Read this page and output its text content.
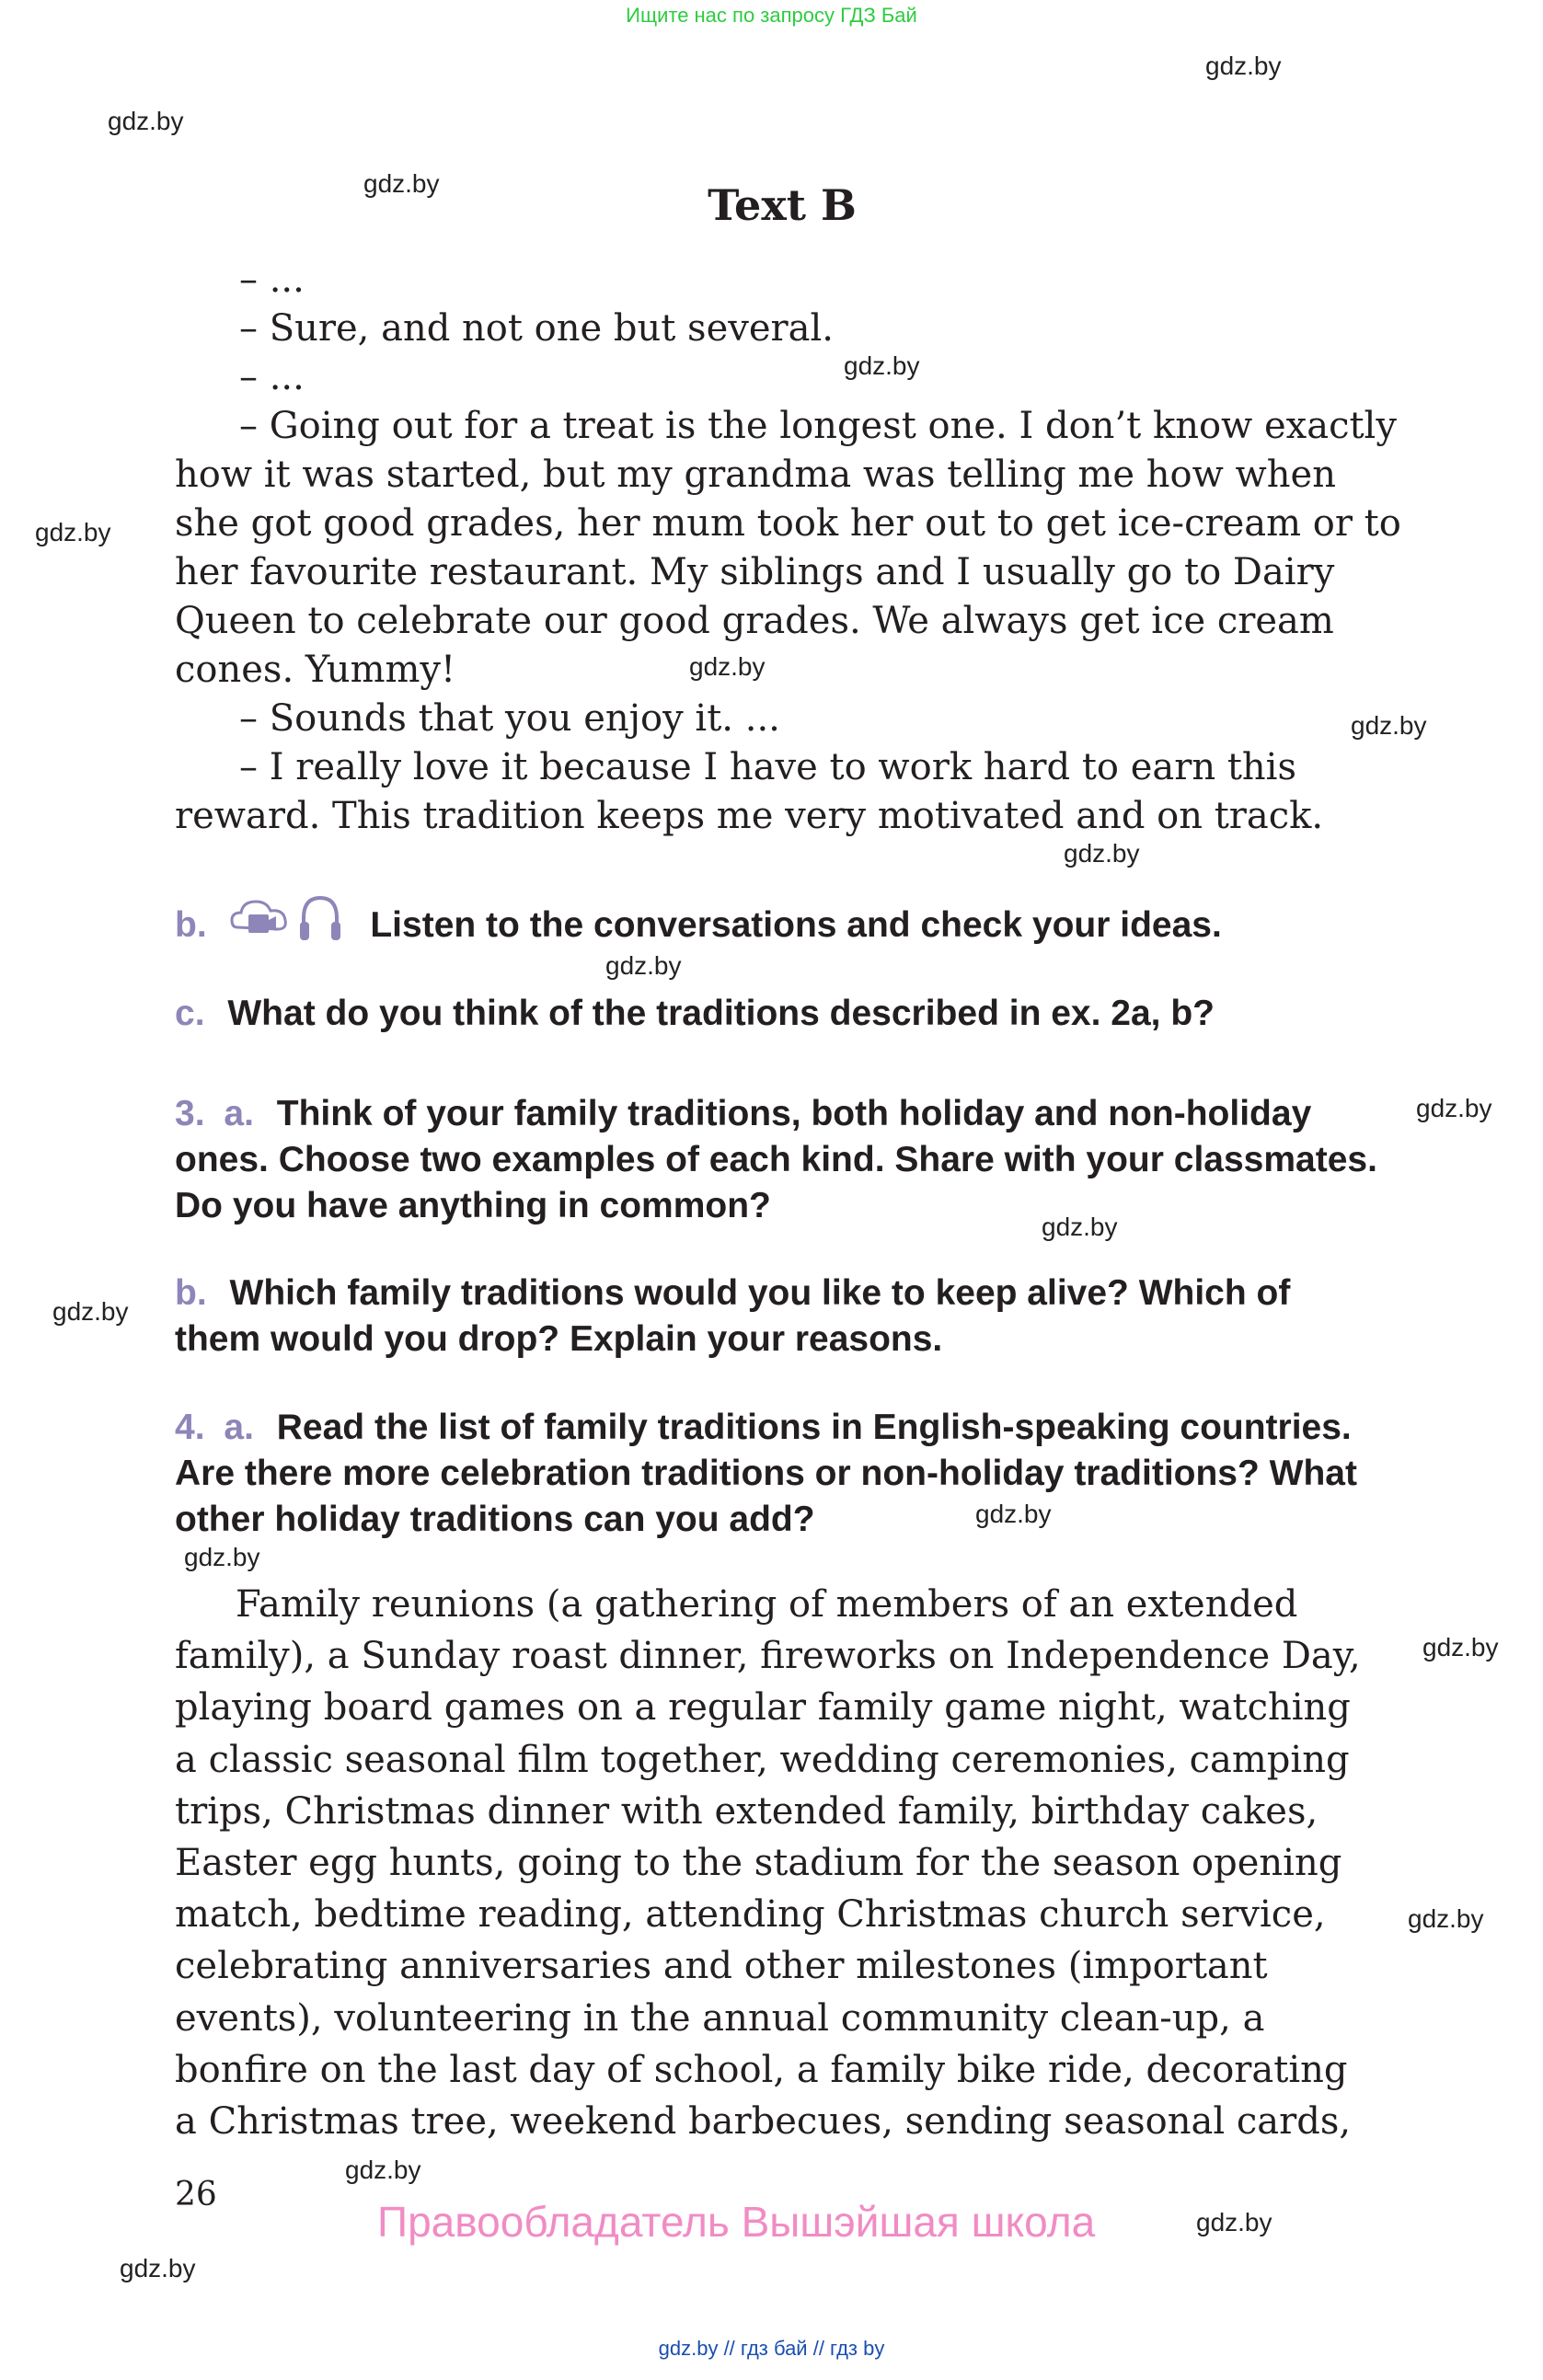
Ищите нас по запросу ГДЗ Бай
gdz.by
gdz.by
gdz.by
gdz.by
gdz.by
gdz.by
gdz.by
gdz.by
gdz.by
gdz.by
gdz.by
gdz.by
gdz.by
gdz.by
gdz.by
gdz.by
gdz.by
gdz.by
gdz.by
Text B
– ...
– Sure, and not one but several.
– ...
– Going out for a treat is the longest one. I don’t know exactly
how it was started, but my grandma was telling me how when
she got good grades, her mum took her out to get ice-cream or to
her favourite restaurant. My siblings and I usually go to Dairy
Queen to celebrate our good grades. We always get ice cream
cones. Yummy!
– Sounds that you enjoy it. ...
– I really love it because I have to work hard to earn this
reward. This tradition keeps me very motivated and on track.
b.	Listen to the conversations and check your ideas.
c. What do you think of the traditions described in ex. 2a, b?
3. a. Think of your family traditions, both holiday and non-holiday
ones. Choose two examples of each kind. Share with your classmates.
Do you have anything in common?
b. Which family traditions would you like to keep alive? Which of
them would you drop? Explain your reasons.
4. a. Read the list of family traditions in English-speaking countries.
Are there more celebration traditions or non-holiday traditions? What
other holiday traditions can you add?
Family reunions (a gathering of members of an extended
family), a Sunday roast dinner, fireworks on Independence Day,
playing board games on a regular family game night, watching
a classic seasonal film together, wedding ceremonies, camping
trips, Christmas dinner with extended family, birthday cakes,
Easter egg hunts, going to the stadium for the season opening
match, bedtime reading, attending Christmas church service,
celebrating anniversaries and other milestones (important
events), volunteering in the annual community clean-up, a
bonfire on the last day of school, a family bike ride, decorating
a Christmas tree, weekend barbecues, sending seasonal cards,
26
Правообладатель Вышэйшая школа
gdz.by // гдз бай // гдз by
